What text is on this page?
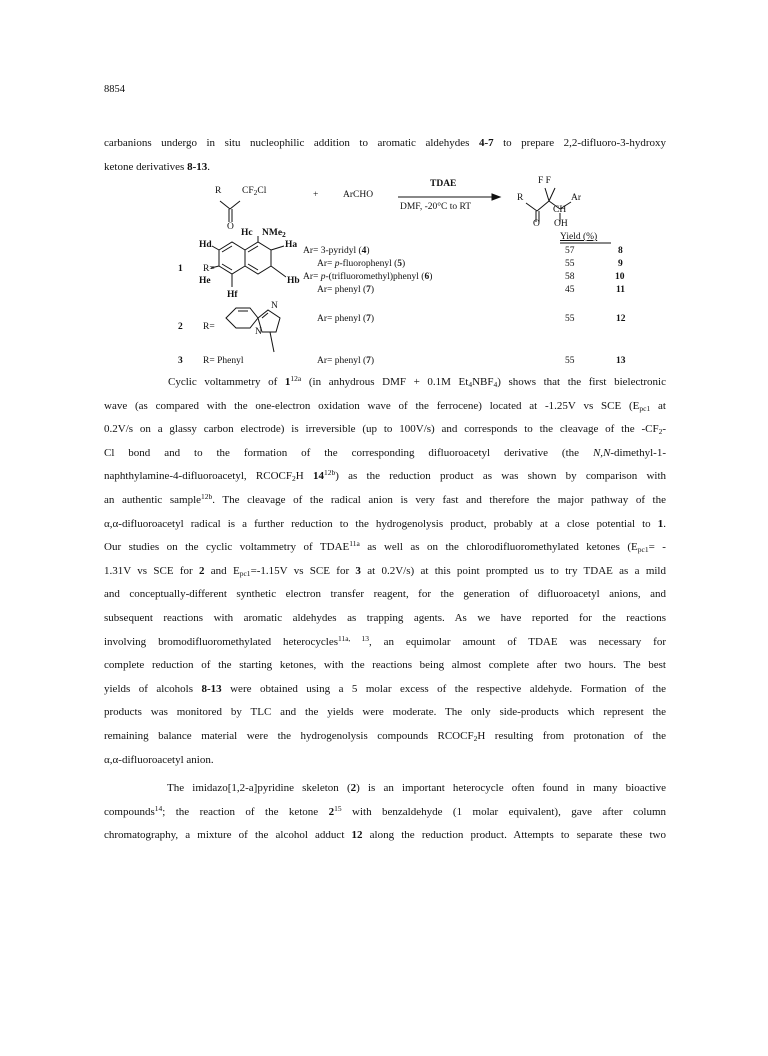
8854
carbanions undergo in situ nucleophilic addition to aromatic aldehydes 4-7 to prepare 2,2-difluoro-3-hydroxy
ketone derivatives 8-13.
R $CF_2Cl$
O
+	ArCHO
TDAE
DMF, -20°C to RT
F F
R	Ar
CH
O OH
Yield (%)
Hc NMe$_2$
Hd	Ha
He	Hb
Hf
N
N
1 R=
Ar= 3-pyridyl (4)	57	8
Ar= p-fluorophenyl (5)	55	9
Ar= p-(trifluoromethyl)phenyl (6)	58	10
Ar= phenyl (7)	45	11
2 R=
Ar= phenyl (7)	55	12
3 R= Phenyl	Ar= phenyl (7)	55	13
Cyclic voltammetry of $1^{12a}$ (in anhydrous DMF + 0.1M $Et_4NBF_4$) shows that the first bielectronic
wave (as compared with the one-electron oxidation wave of the ferrocene) located at -1.25V vs SCE ($E_{pc1}$ at
0.2V/s on a glassy carbon electrode) is irreversible (up to 100V/s) and corresponds to the cleavage of the $-CF_2-$
Cl bond and to the formation of the corresponding difluoroacetyl derivative (the N,N-dimethyl-1-
naphthylamine-4-difluoroacetyl, $RCOCF_2H$ $14^{12b}$) as the reduction product as was shown by comparison with
an authentic sample$^{12b}$. The cleavage of the radical anion is very fast and therefore the major pathway of the
α,α-difluoroacetyl radical is a further reduction to the hydrogenolysis product, probably at a close potential to 1.
Our studies on the cyclic voltammetry of $TDAE^{11a}$ as well as on the chlorodifluoromethylated ketones ($E_{pc1}=$ -
1.31V vs SCE for 2 and $E_{pc1}=-1.15V$ vs SCE for 3 at 0.2V/s) at this point prompted us to try TDAE as a mild
and conceptually-different synthetic electron transfer reagent, for the generation of difluoroacetyl anions, and
subsequent reactions with aromatic aldehydes as trapping agents. As we have reported for the reactions
involving bromodifluoromethylated heterocycles$^{11a, 13}$, an equimolar amount of TDAE was necessary for
complete reduction of the starting ketones, with the reactions being almost complete after two hours. The best
yields of alcohols 8-13 were obtained using a 5 molar excess of the respective aldehyde. Formation of the
products was monitored by TLC and the yields were moderate. The only side-products which represent the
remaining balance material were the hydrogenolysis compounds $RCOCF_2H$ resulting from protonation of the
α,α-difluoroacetyl anion.
The imidazo[1,2-a]pyridine skeleton (2) is an important heterocycle often found in many bioactive
compounds$^{14}$; the reaction of the ketone $2^{15}$ with benzaldehyde (1 molar equivalent), gave after column
chromatography, a mixture of the alcohol adduct 12 along the reduction product. Attempts to separate these two
